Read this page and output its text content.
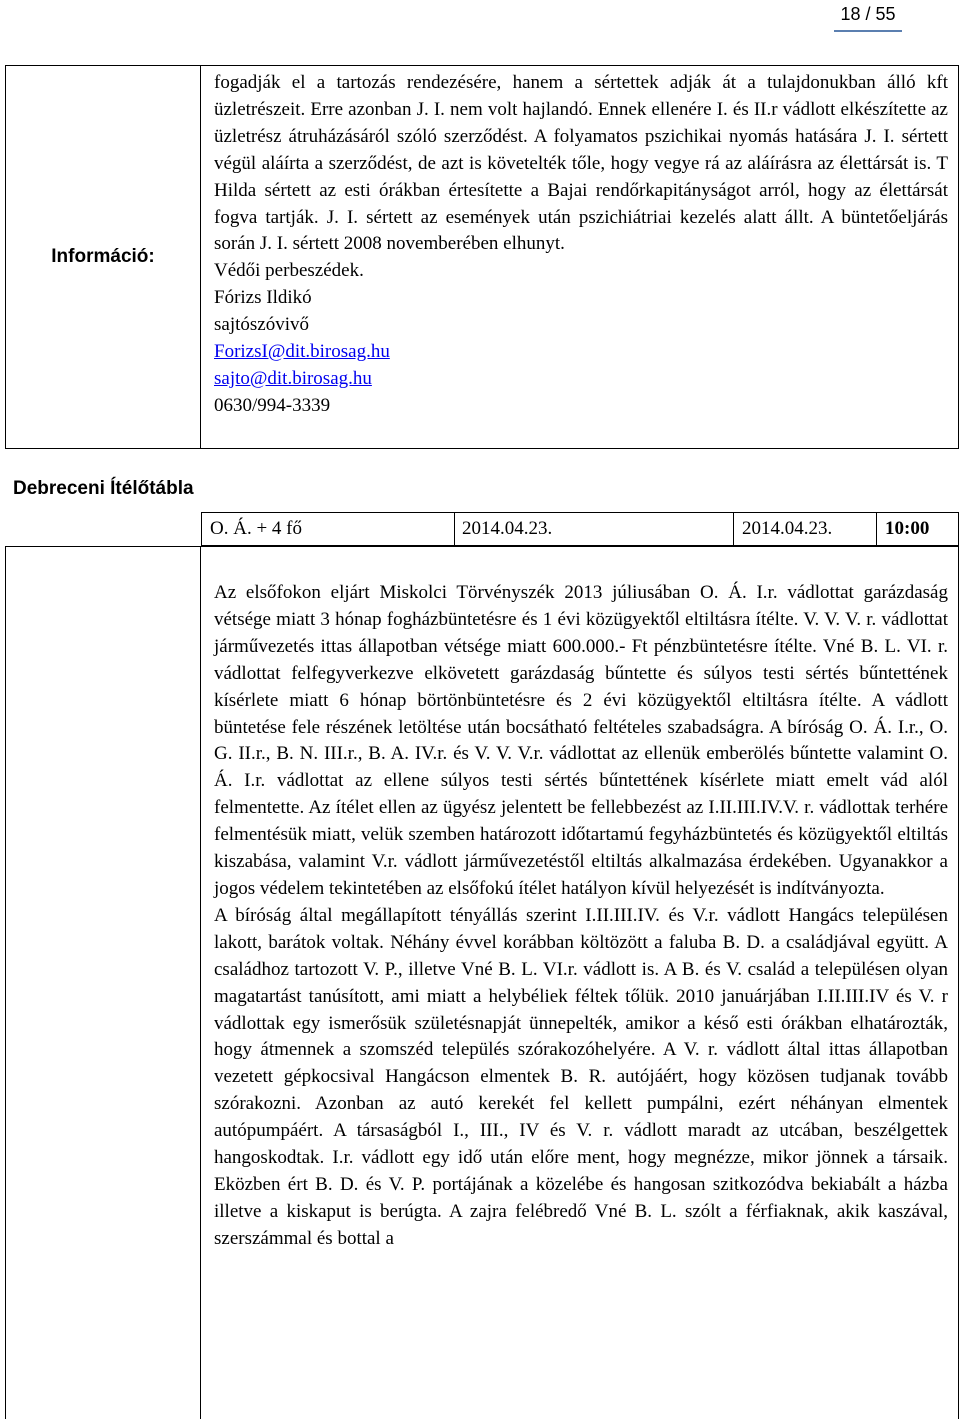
18 / 55
Információ:

fogadják el a tartozás rendezésére, hanem a sértettek adják át a tulajdonukban álló kft üzletrészeit. Erre azonban J. I. nem volt hajlandó. Ennek ellenére I. és II.r vádlott elkészítette az üzletrész átruházásáról szóló szerződést. A folyamatos pszichikai nyomás hatására J. I. sértett végül aláírta a szerződést, de azt is követelték tőle, hogy vegye rá az aláírásra az élettársát is. T Hilda sértett az esti órákban értesítette a Bajai rendőrkapitányságot arról, hogy az élettársát fogva tartják. J. I. sértett az események után pszichiátriai kezelés alatt állt. A büntetőeljárás során J. I. sértett 2008 novemberében elhunyt.

Védői perbeszédek.

Fórizs Ildikó

sajtószóvivő

ForizsI@dit.birosag.hu

sajto@dit.birosag.hu

0630/994-3339

Debreceni Ítélőtábla
O. Á. + 4 fő	2014.04.23.	2014.04.23.	10:00

Az elsőfokon eljárt Miskolci Törvényszék 2013 júliusában O. Á. I.r. vádlottat garázdaság vétsége miatt 3 hónap fogházbüntetésre és 1 évi közügyektől eltiltásra ítélte. V. V. V. r. vádlottat járművezetés ittas állapotban vétsége miatt 600.000.- Ft pénzbüntetésre ítélte. Vné B. L. VI. r. vádlottat felfegyverkezve elkövetett garázdaság bűntette és súlyos testi sértés bűntettének kísérlete miatt 6 hónap börtönbüntetésre és 2 évi közügyektől eltiltásra ítélte. A vádlott büntetése fele részének letöltése után bocsátható feltételes szabadságra. A bíróság O. Á. I.r., O. G. II.r., B. N. III.r., B. A. IV.r. és V. V. V.r. vádlottat az ellenük emberölés bűntette valamint O. Á. I.r. vádlottat az ellene súlyos testi sértés bűntettének kísérlete miatt emelt vád alól felmentette. Az ítélet ellen az ügyész jelentett be fellebbezést az I.II.III.IV.V. r. vádlottak terhére felmentésük miatt, velük szemben határozott időtartamú fegyházbüntetés és közügyektől eltiltás kiszabása, valamint V.r. vádlott járművezetéstől eltiltás alkalmazása érdekében. Ugyanakkor a jogos védelem tekintetében az elsőfokú ítélet hatályon kívül helyezését is indítványozta.

A bíróság által megállapított tényállás szerint I.II.III.IV. és V.r. vádlott Hangács településen lakott, barátok voltak. Néhány évvel korábban költözött a faluba B. D. a családjával együtt. A családhoz tartozott V. P., illetve Vné B. L. VI.r. vádlott is. A B. és V. család a településen olyan magatartást tanúsított, ami miatt a helybéliek féltek tőlük. 2010 januárjában I.II.III.IV és V. r vádlottak egy ismerősük születésnapját ünnepelték, amikor a késő esti órákban elhatározták, hogy átmennek a szomszéd település szórakozóhelyére. A V. r. vádlott által ittas állapotban vezetett gépkocsival Hangácson elmentek B. R. autójáért, hogy közösen tudjanak tovább szórakozni. Azonban az autó kerekét fel kellett pumpálni, ezért néhányan elmentek autópumpáért. A társaságból I., III., IV és V. r. vádlott maradt az utcában, beszélgettek hangoskodtak. I.r. vádlott egy idő után előre ment, hogy megnézze, mikor jönnek a társaik. Eközben ért B. D. és V. P. portájának a közelébe és hangosan szitkozódva bekiabált a házba illetve a kiskaput is berúgta. A zajra felébredő Vné B. L. szólt a férfiaknak, akik kaszával, szerszámmal és bottal a
